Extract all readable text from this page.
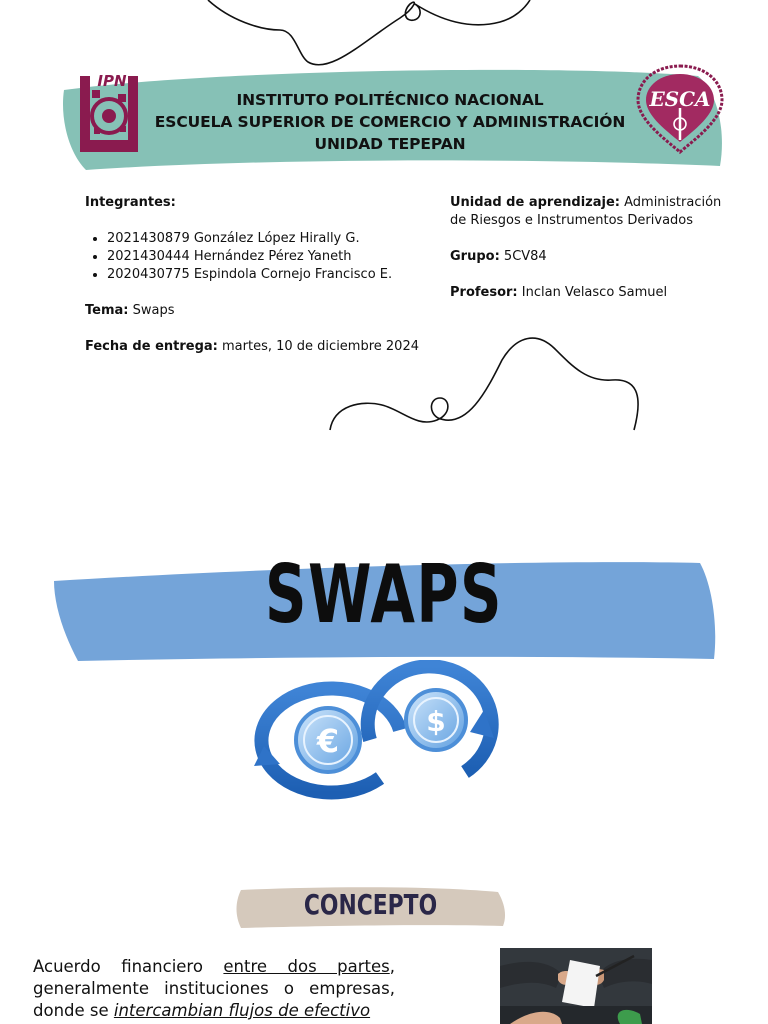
INSTITUTO POLITÉCNICO NACIONAL
ESCUELA SUPERIOR DE COMERCIO Y ADMINISTRACIÓN
UNIDAD TEPEPAN
IPN
ESCA
Integrantes:
• 2021430879 González López Hirally G.
• 2021430444 Hernández Pérez Yaneth
• 2020430775 Espindola Cornejo Francisco E.
Tema: Swaps
Fecha de entrega: martes, 10 de diciembre 2024
Unidad de aprendizaje: Administración de Riesgos e Instrumentos Derivados
Grupo: 5CV84
Profesor: Inclan Velasco Samuel
SWAPS
€
$
CONCEPTO
Acuerdo financiero entre dos partes, generalmente instituciones o empresas, donde se intercambian flujos de efectivo
